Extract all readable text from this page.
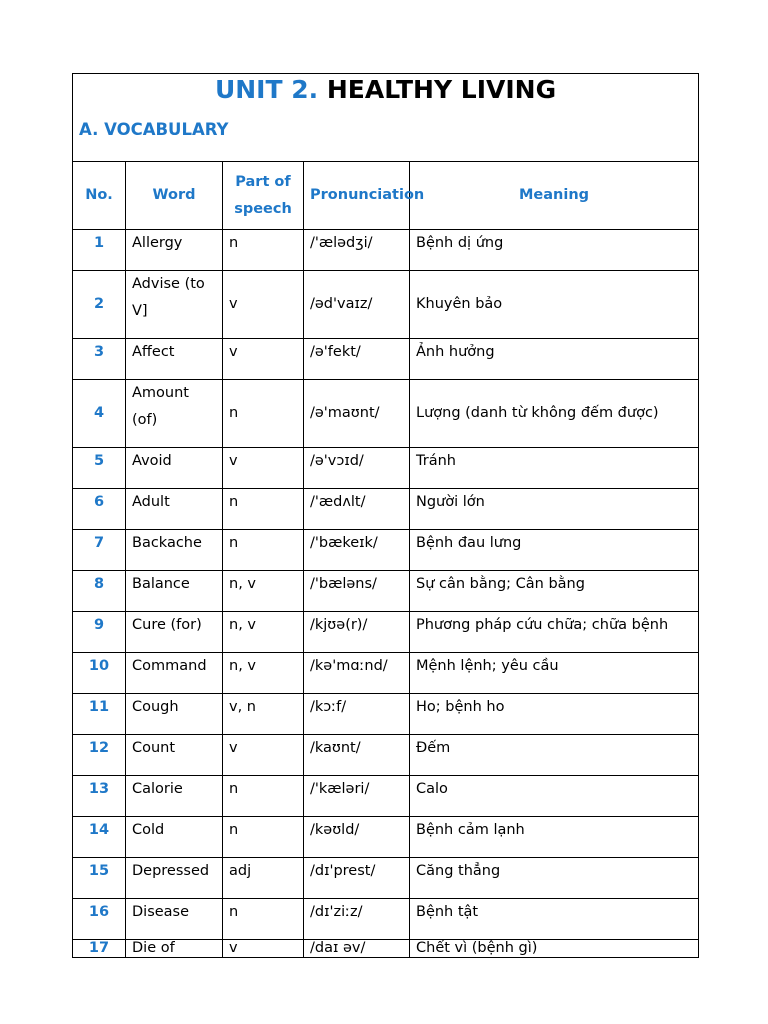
UNIT 2. HEALTHY LIVING
A. VOCABULARY				

No.	Word	Part of speech	Pronunciation	Meaning
1	Allergy	n	/'ælədʒi/	Bệnh dị ứng
2	Advise (to V]	v	/əd'vaɪz/	Khuyên bảo
3	Affect	v	/ə'fekt/	Ảnh hưởng
4	Amount (of)	n	/ə'maʊnt/	Lượng (danh từ không đếm được)
5	Avoid	v	/ə'vɔɪd/	Tránh
6	Adult	n	/'ædʌlt/	Người lớn
7	Backache	n	/'bækeɪk/	Bệnh đau lưng
8	Balance	n, v	/'bæləns/	Sự cân bằng; Cân bằng
9	Cure (for)	n, v	/kjʊə(r)/	Phương pháp cứu chữa; chữa bệnh
10	Command	n, v	/kə'mɑːnd/	Mệnh lệnh; yêu cầu
11	Cough	v, n	/kɔːf/	Ho; bệnh ho
12	Count	v	/kaʊnt/	Đếm
13	Calorie	n	/'kæləri/	Calo
14	Cold	n	/kəʊld/	Bệnh cảm lạnh
15	Depressed	adj	/dɪ'prest/	Căng thẳng
16	Disease	n	/dɪ'ziːz/	Bệnh tật
17	Die of	v	/daɪ əv/	Chết vì (bệnh gì)
